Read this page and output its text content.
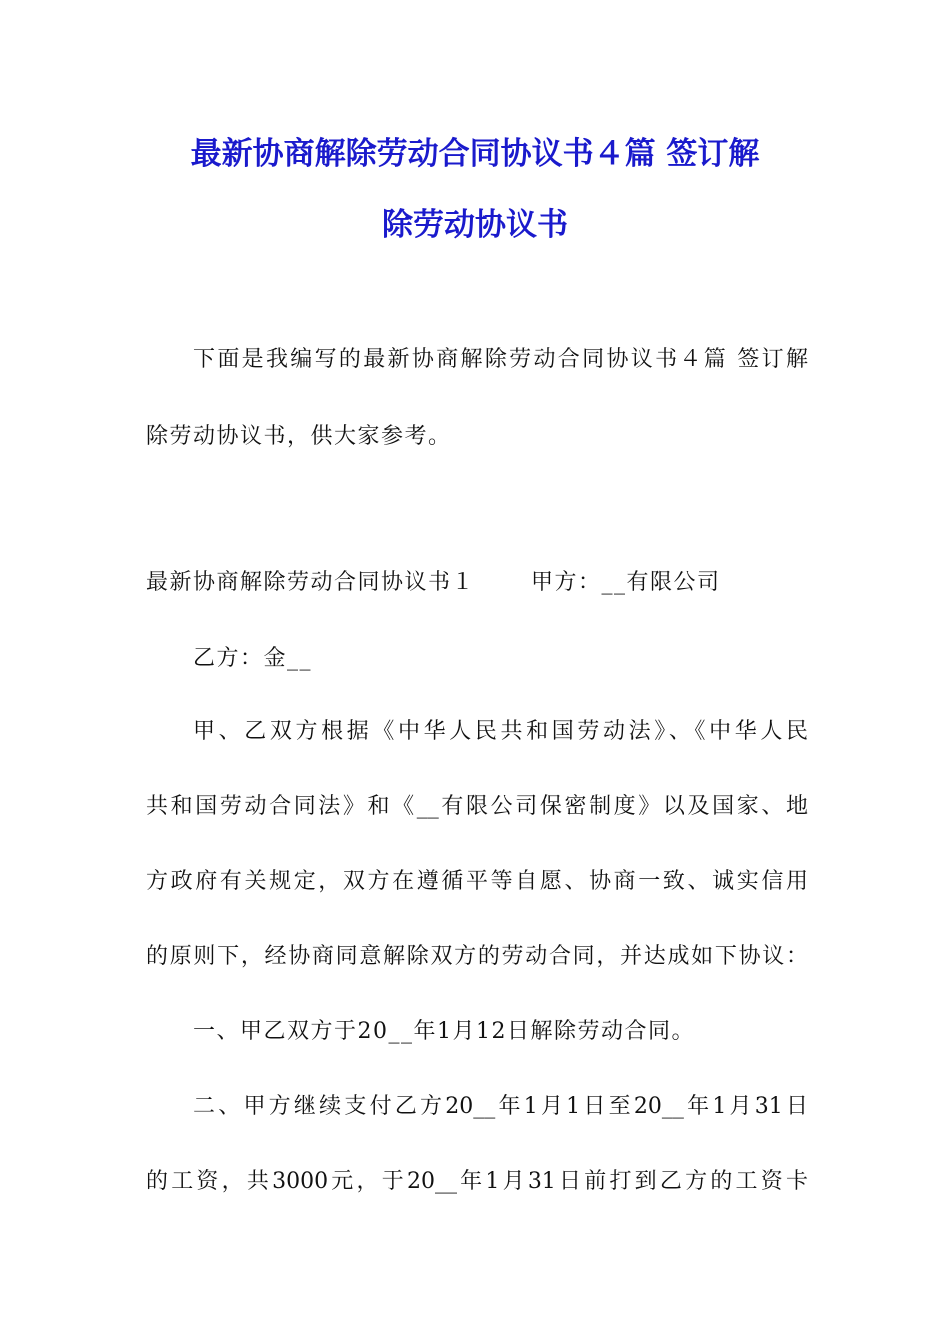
最新协商解除劳动合同协议书４篇 签订解
除劳动协议书
下面是我编写的最新协商解除劳动合同协议书４篇 签订解
除劳动协议书，供大家参考。
最新协商解除劳动合同协议书１	甲方：__有限公司
乙方：金__
甲、乙双方根据《中华人民共和国劳动法》、《中华人民
共和国劳动合同法》和《__有限公司保密制度》以及国家、地
方政府有关规定，双方在遵循平等自愿、协商一致、诚实信用
的原则下，经协商同意解除双方的劳动合同，并达成如下协议：
一、甲乙双方于20__年1月12日解除劳动合同。
二、甲方继续支付乙方20__年1月1日至20__年1月31日
的工资，共3000元，于20__年1月31日前打到乙方的工资卡
